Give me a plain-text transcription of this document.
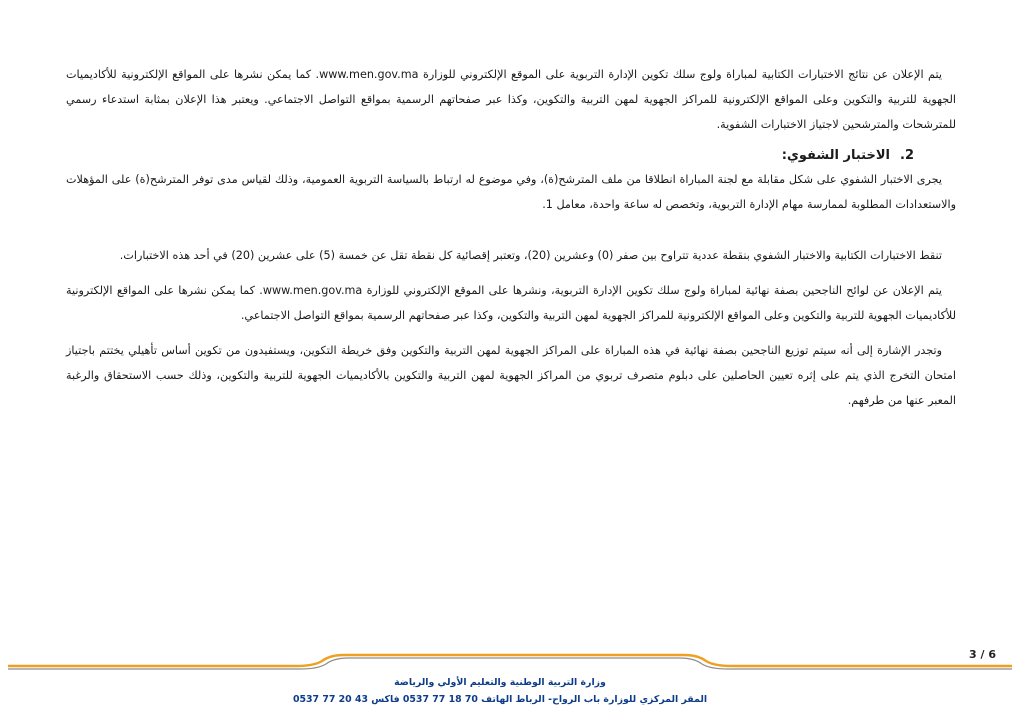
يتم الإعلان عن نتائج الاختبارات الكتابية لمباراة ولوج سلك تكوين الإدارة التربوية على الموقع الإلكتروني للوزارة www.men.gov.ma. كما يمكن نشرها على المواقع الإلكترونية للأكاديميات الجهوية للتربية والتكوين وعلى المواقع الإلكترونية للمراكز الجهوية لمهن التربية والتكوين، وكذا عبر صفحاتهم الرسمية بمواقع التواصل الاجتماعي. ويعتبر هذا الإعلان بمثابة استدعاء رسمي للمترشحات والمترشحين لاجتياز الاختبارات الشفوية.

2.الاختبار الشفوي:

يجرى الاختبار الشفوي على شكل مقابلة مع لجنة المباراة انطلاقا من ملف المترشح(ة)، وفي موضوع له ارتباط بالسياسة التربوية العمومية، وذلك لقياس مدى توفر المترشح(ة) على المؤهلات والاستعدادات المطلوبة لممارسة مهام الإدارة التربوية، وتخصص له ساعة واحدة، معامل 1.

تنقط الاختبارات الكتابية والاختبار الشفوي بنقطة عددية تتراوح بين صفر (0) وعشرين (20)، وتعتبر إقصائية كل نقطة تقل عن خمسة (5) على عشرين (20) في أحد هذه الاختبارات.

يتم الإعلان عن لوائح الناجحين بصفة نهائية لمباراة ولوج سلك تكوين الإدارة التربوية، ونشرها على الموقع الإلكتروني للوزارة www.men.gov.ma. كما يمكن نشرها على المواقع الإلكترونية للأكاديميات الجهوية للتربية والتكوين وعلى المواقع الإلكترونية للمراكز الجهوية لمهن التربية والتكوين، وكذا عبر صفحاتهم الرسمية بمواقع التواصل الاجتماعي.

وتجدر الإشارة إلى أنه سيتم توزيع الناجحين بصفة نهائية في هذه المباراة على المراكز الجهوية لمهن التربية والتكوين وفق خريطة التكوين، ويستفيدون من تكوين أساس تأهيلي يختتم باجتياز امتحان التخرج الذي يتم على إثره تعيين الحاصلين على دبلوم متصرف تربوي من المراكز الجهوية لمهن التربية والتكوين بالأكاديميات الجهوية للتربية والتكوين، وذلك حسب الاستحقاق والرغبة المعبر عنها من طرفهم.

3 / 6
وزارة التربية الوطنية والتعليم الأولي والرياضة
المقر المركزي للوزارة باب الرواح- الرباط الهاتف 70 18 77 0537 فاكس 43 20 77 0537
